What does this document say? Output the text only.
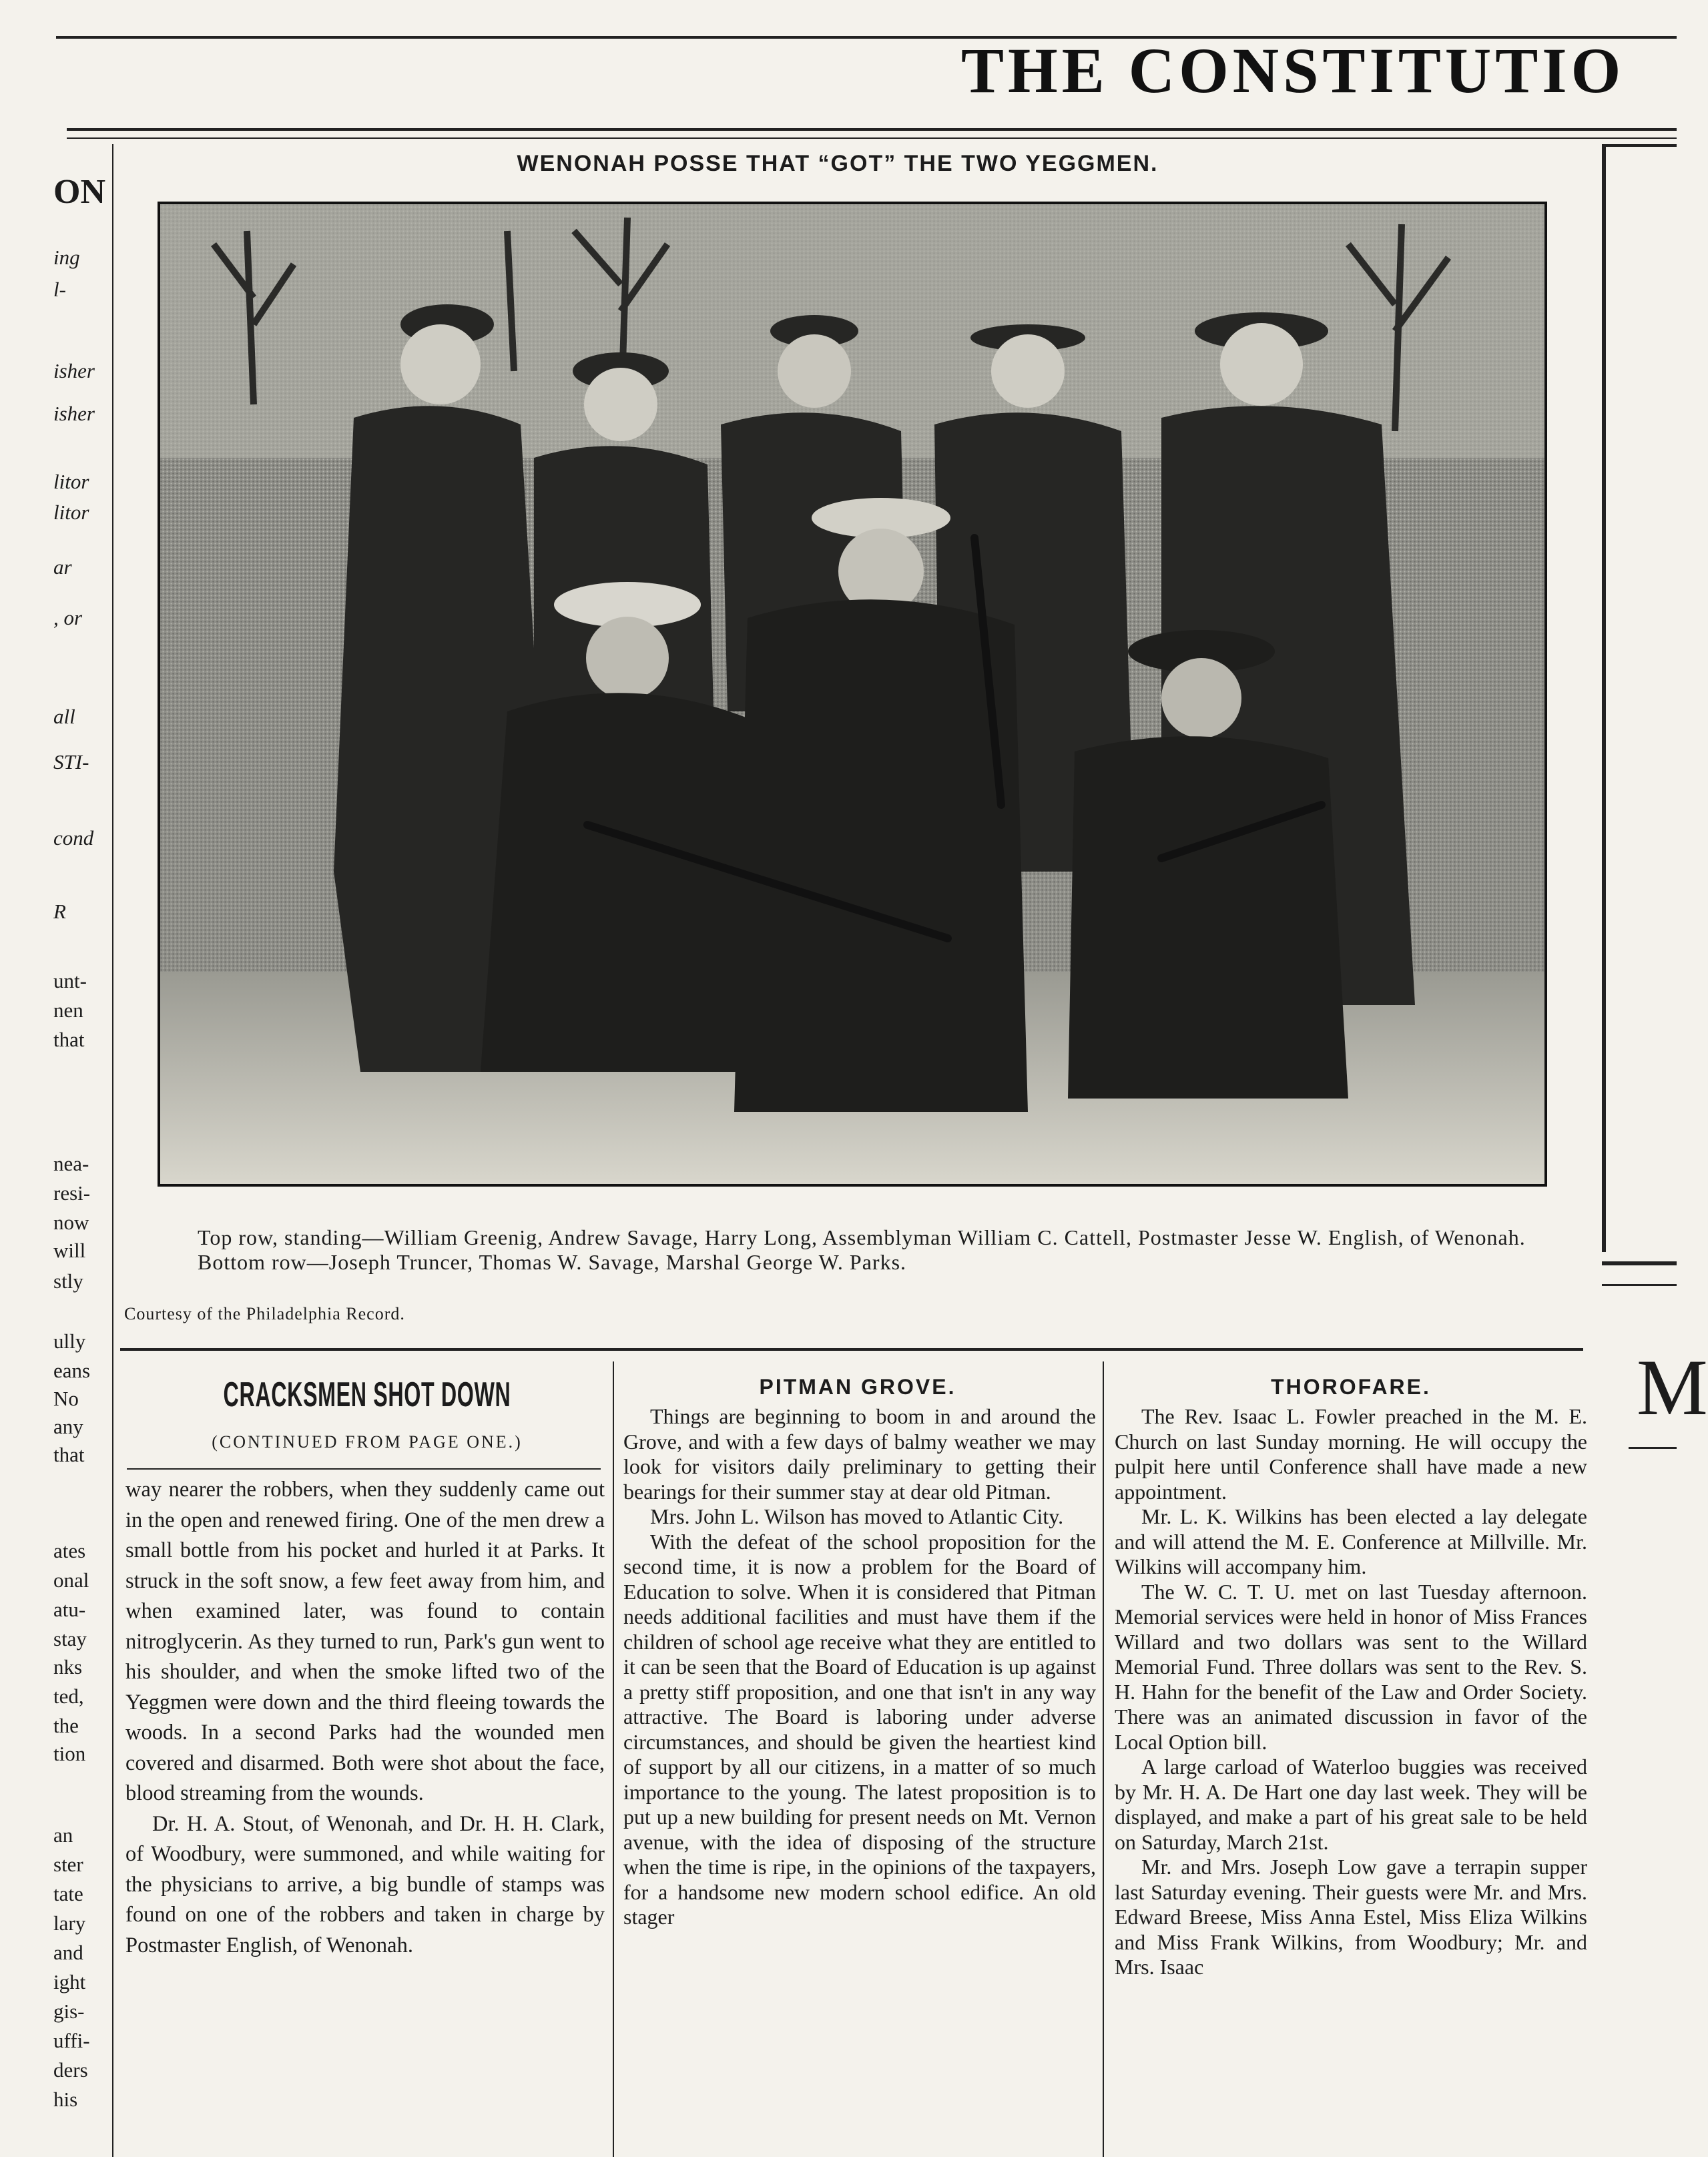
THE CONSTITUTIO
ON
ing
l-
isher
isher
litor
litor
ar
, or
all
STI-
cond
R
unt-
nen
that
nea-
resi-
now
will
stly
ully
eans
No
any
that
ates
onal
atu-
stay
nks
ted,
the
tion
an
ster
tate
lary
and
ight
gis-
uffi-
ders
his
M
WENONAH POSSE THAT “GOT” THE TWO YEGGMEN.
Top row, standing—William Greenig, Andrew Savage, Harry Long, Assemblyman William C. Cattell, Postmaster Jesse W. English, of Wenonah.
Bottom row—Joseph Truncer, Thomas W. Savage, Marshal George W. Parks.
Courtesy of the Philadelphia Record.
CRACKSMEN SHOT DOWN
(CONTINUED FROM PAGE ONE.)

way nearer the robbers, when they suddenly came out in the open and renewed firing. One of the men drew a small bottle from his pocket and hurled it at Parks. It struck in the soft snow, a few feet away from him, and when examined later, was found to contain nitroglycerin. As they turned to run, Park's gun went to his shoulder, and when the smoke lifted two of the Yeggmen were down and the third fleeing towards the woods. In a second Parks had the wounded men covered and disarmed. Both were shot about the face, blood streaming from the wounds.

Dr. H. A. Stout, of Wenonah, and Dr. H. H. Clark, of Woodbury, were summoned, and while waiting for the physicians to arrive, a big bundle of stamps was found on one of the robbers and taken in charge by Postmaster English, of Wenonah.

PITMAN GROVE.

Things are beginning to boom in and around the Grove, and with a few days of balmy weather we may look for visitors daily preliminary to getting their bearings for their summer stay at dear old Pitman.

Mrs. John L. Wilson has moved to Atlantic City.

With the defeat of the school proposition for the second time, it is now a problem for the Board of Education to solve. When it is considered that Pitman needs additional facilities and must have them if the children of school age receive what they are entitled to it can be seen that the Board of Education is up against a pretty stiff proposition, and one that isn't in any way attractive. The Board is laboring under adverse circumstances, and should be given the heartiest kind of support by all our citizens, in a matter of so much importance to the young. The latest proposition is to put up a new building for present needs on Mt. Vernon avenue, with the idea of disposing of the structure when the time is ripe, in the opinions of the taxpayers, for a handsome new modern school edifice. An old stager

THOROFARE.

The Rev. Isaac L. Fowler preached in the M. E. Church on last Sunday morning. He will occupy the pulpit here until Conference shall have made a new appointment.

Mr. L. K. Wilkins has been elected a lay delegate and will attend the M. E. Conference at Millville. Mr. Wilkins will accompany him.

The W. C. T. U. met on last Tuesday afternoon. Memorial services were held in honor of Miss Frances Willard and two dollars was sent to the Willard Memorial Fund. Three dollars was sent to the Rev. S. H. Hahn for the benefit of the Law and Order Society. There was an animated discussion in favor of the Local Option bill.

A large carload of Waterloo buggies was received by Mr. H. A. De Hart one day last week. They will be displayed, and make a part of his great sale to be held on Saturday, March 21st.

Mr. and Mrs. Joseph Low gave a terrapin supper last Saturday evening. Their guests were Mr. and Mrs. Edward Breese, Miss Anna Estel, Miss Eliza Wilkins and Miss Frank Wilkins, from Woodbury; Mr. and Mrs. Isaac
